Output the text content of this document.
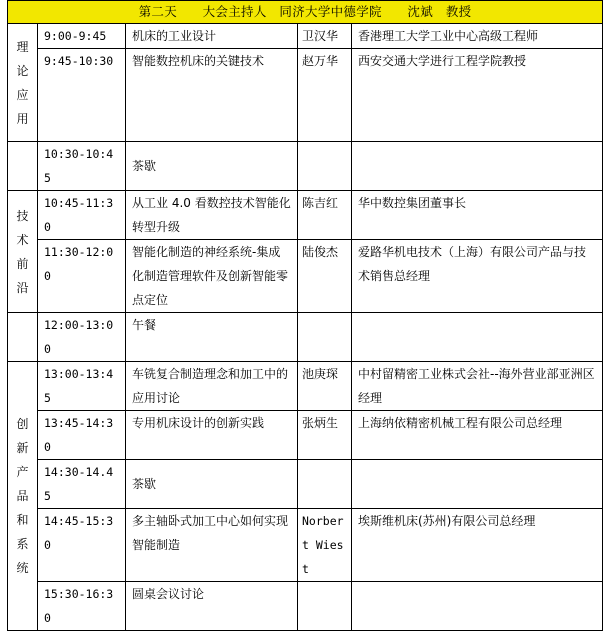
第二天　　大会主持人　同济大学中德学院　　沈斌　教授				
理论应用	9:00-9:45	机床的工业设计	卫汉华	香港理工大学工业中心高级工程师
	9:45-10:30	智能数控机床的关键技术	赵万华	西安交通大学进行工程学院教授
	10:30-10:45	茶歇		
技术前沿	10:45-11:30	从工业 4.0 看数控技术智能化转型升级	陈吉红	华中数控集团董事长
	11:30-12:00	智能化制造的神经系统-集成化制造管理软件及创新智能零点定位	陆俊杰	爱路华机电技术（上海）有限公司产品与技术销售总经理
	12:00-13:00	午餐		
创新产品和系统	13:00-13:45	车铣复合制造理念和加工中的应用讨论	池庚琛	中村留精密工业株式会社--海外营业部亚洲区经理
	13:45-14:30	专用机床设计的创新实践	张炳生	上海纳依精密机械工程有限公司总经理
	14:30-14.45	茶歇		
	14:45-15:30	多主轴卧式加工中心如何实现智能制造	Norbert Wiest	埃斯维机床(苏州)有限公司总经理
	15:30-16:30	圆桌会议讨论		
